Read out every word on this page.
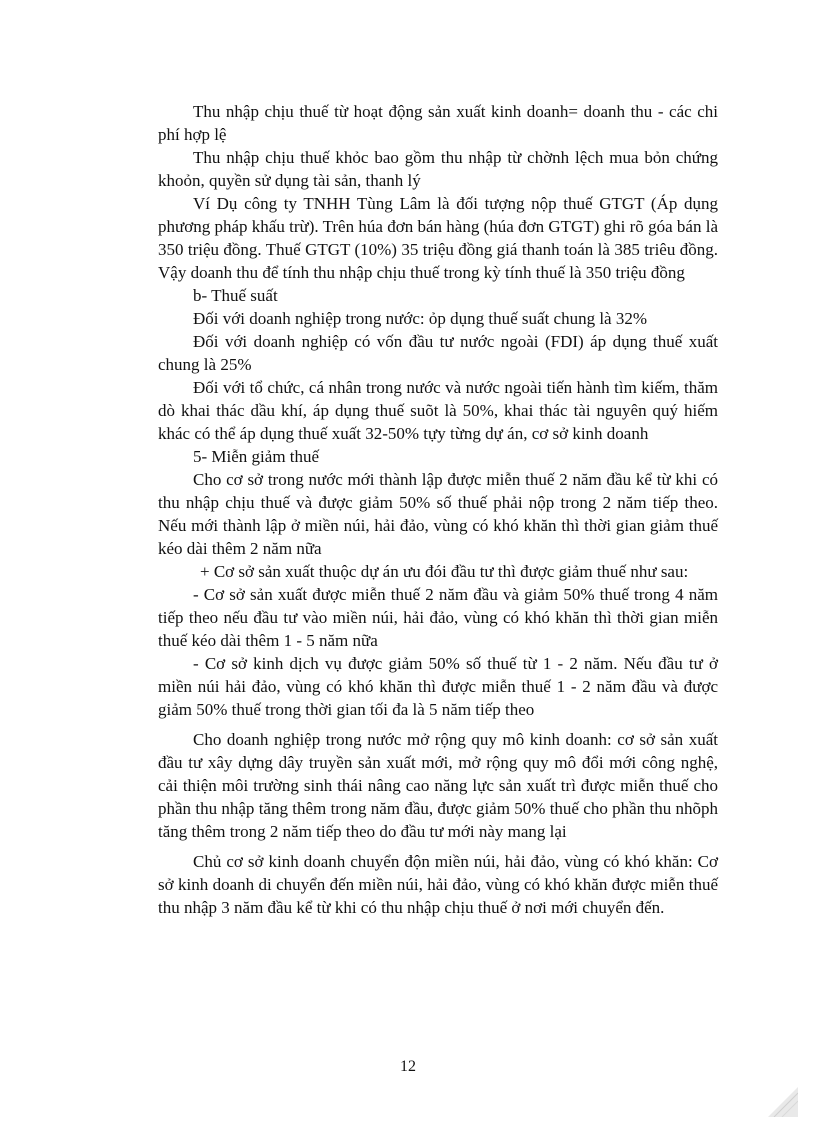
Thu nhập chịu thuế từ hoạt động sản xuất kinh doanh= doanh thu - các chi phí hợp lệ

Thu nhập chịu thuế khỏc bao gồm thu nhập từ chờnh lệch mua bỏn chứng khoỏn, quyền sử dụng tài sản, thanh lý

Ví Dụ công ty TNHH Tùng Lâm là đối tượng nộp thuế GTGT (Áp dụng phương pháp khấu trừ). Trên húa đơn bán hàng (húa đơn GTGT) ghi rõ góa bán là 350 triệu đồng. Thuế GTGT (10%) 35 triệu đồng giá thanh toán là 385 triêu đồng. Vậy doanh thu để tính thu nhập chịu thuế trong kỳ tính thuế là 350 triệu đồng

b- Thuế suất

Đối với doanh nghiệp trong nước: ỏp dụng thuế suất chung là 32%

Đối với doanh nghiệp có vốn đầu tư nước ngoài (FDI) áp dụng thuế xuất chung là 25%

Đối với tổ chức, cá nhân trong nước và nước ngoài tiến hành tìm kiếm, thăm dò khai thác dầu khí, áp dụng thuế suõt là 50%, khai thác tài nguyên quý hiếm khác có thể áp dụng thuế xuất 32-50% tựy từng dự án, cơ sở kinh doanh

5- Miễn giảm thuế

Cho cơ sở trong nước mới thành lập được miễn thuế 2 năm đầu kể từ khi có thu nhập chịu thuế và được giảm 50% số thuế phải nộp trong 2 năm tiếp theo. Nếu mới thành lập ở miền núi, hải đảo, vùng có khó khăn thì thời gian giảm thuế kéo dài thêm 2 năm nữa

+ Cơ sở sản xuất thuộc dự án ưu đói đầu tư thì được giảm thuế như sau:

- Cơ sở sản xuất được miễn thuế 2 năm đầu và giảm 50% thuế trong 4 năm tiếp theo nếu đầu tư vào miền núi, hải đảo, vùng có khó khăn thì thời gian miễn thuế kéo dài thêm 1 - 5 năm nữa

- Cơ sở kinh dịch vụ được giảm 50% số thuế từ 1 - 2 năm. Nếu đầu tư ở miền núi hải đảo, vùng có khó khăn thì được miễn thuế 1 - 2 năm đầu và được giảm 50% thuế trong thời gian tối đa là 5 năm tiếp theo

Cho doanh nghiệp trong nước mở rộng quy mô kinh doanh: cơ sở sản xuất đầu tư xây dựng dây truyền sản xuất mới, mở rộng quy mô đổi mới công nghệ, cải thiện môi trường sinh thái nâng cao năng lực sản xuất trì được miễn thuế cho phần thu nhập tăng thêm trong năm đầu, được giảm 50% thuế cho phần thu nhõph tăng thêm trong 2 năm tiếp theo do đầu tư mới này mang lại

Chủ cơ sở kinh doanh chuyển độn miền núi, hải đảo, vùng có khó khăn: Cơ sở kinh doanh di chuyển đến miền núi, hải đảo, vùng có khó khăn được miễn thuế thu nhập 3 năm đầu kể từ khi có thu nhập chịu thuế ở nơi mới chuyển đến.

12
